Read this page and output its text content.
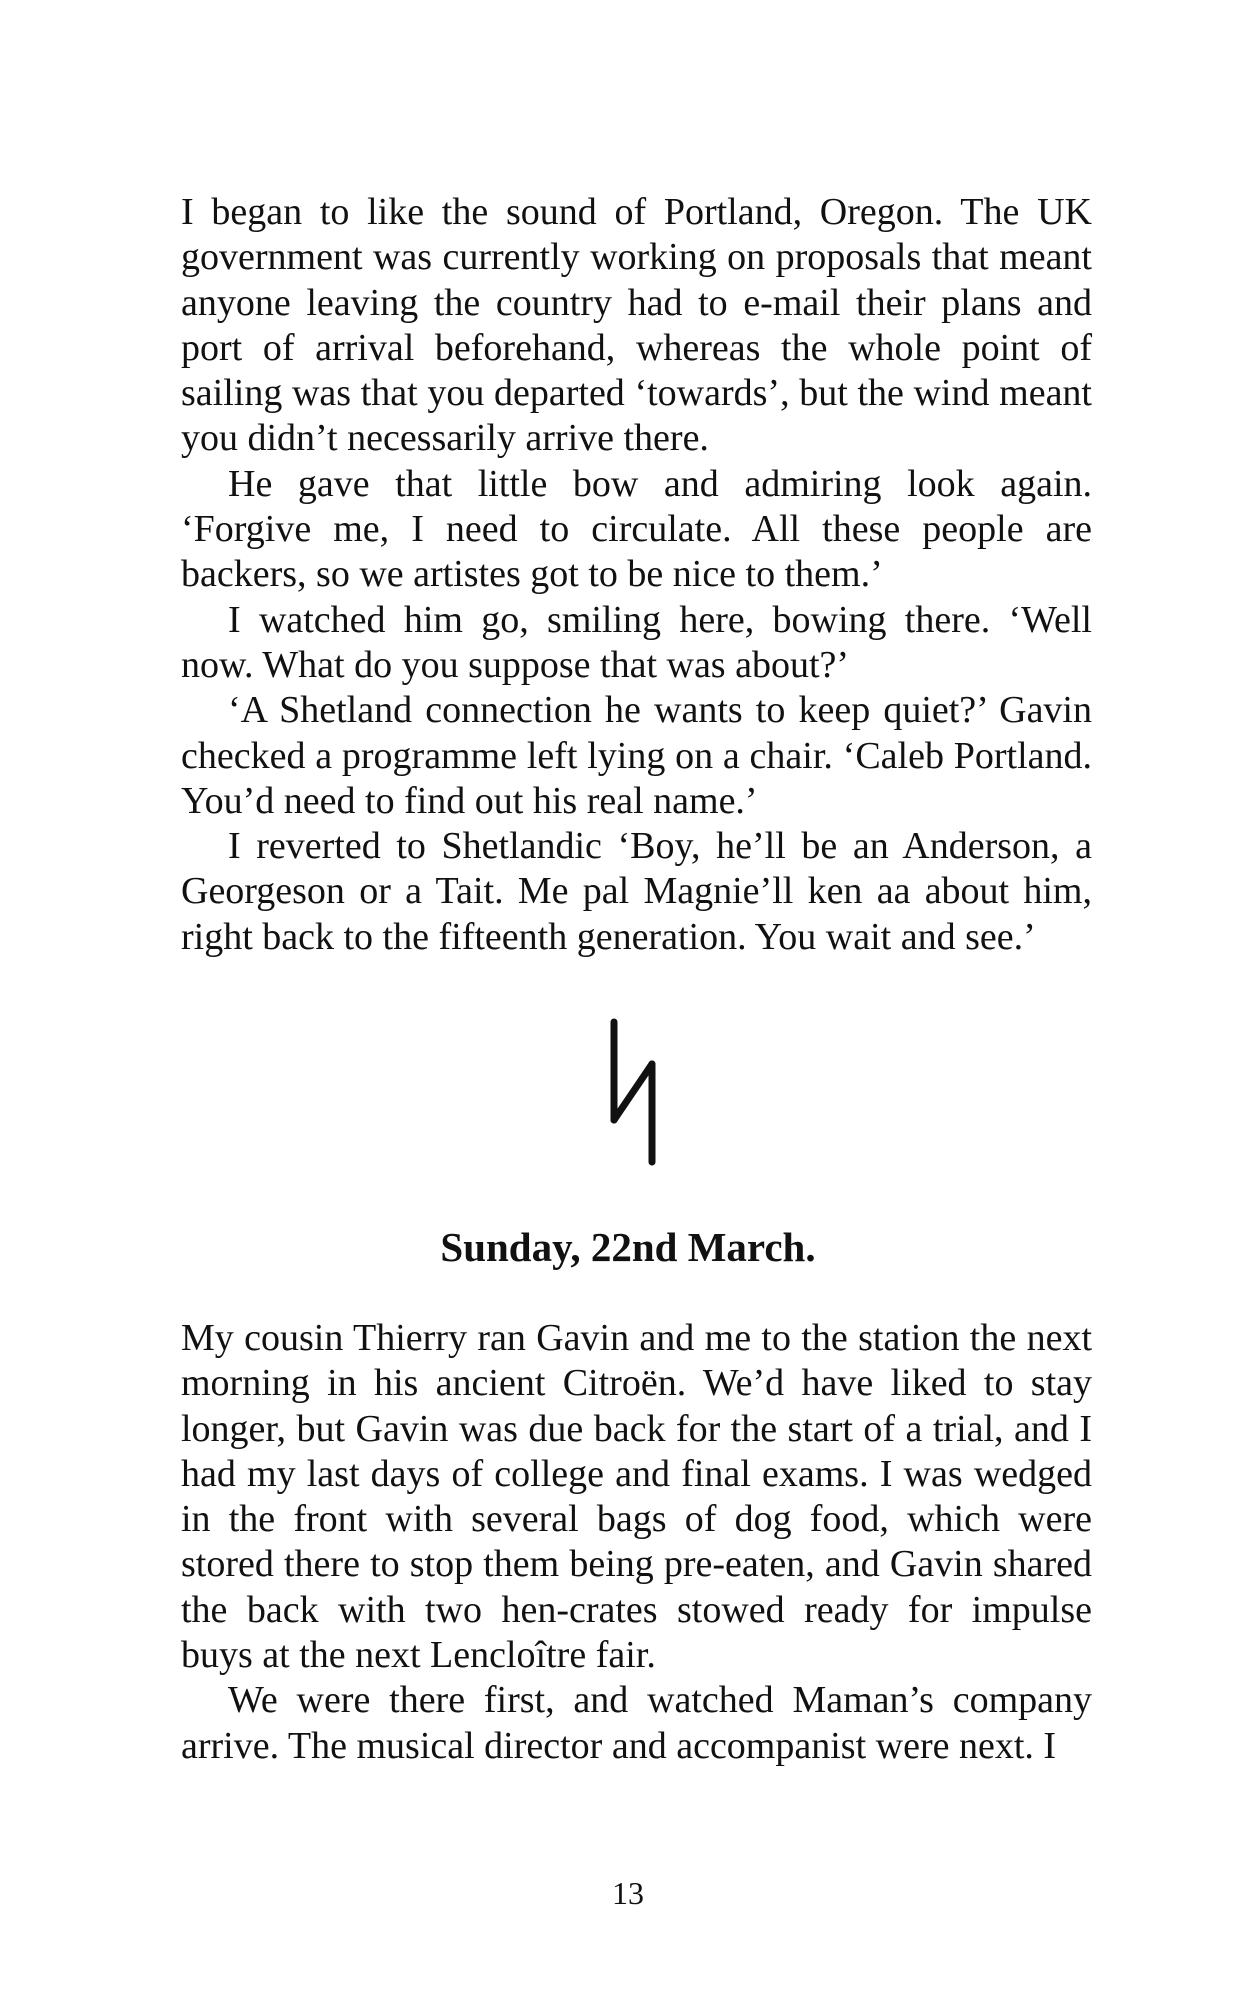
I began to like the sound of Portland, Oregon. The UK government was currently working on proposals that meant anyone leaving the country had to e-mail their plans and port of arrival beforehand, whereas the whole point of sailing was that you departed ‘towards’, but the wind meant you didn’t necessarily arrive there.

He gave that little bow and admiring look again. ‘Forgive me, I need to circulate. All these people are backers, so we artistes got to be nice to them.’

I watched him go, smiling here, bowing there. ‘Well now. What do you suppose that was about?’

‘A Shetland connection he wants to keep quiet?’ Gavin checked a programme left lying on a chair. ‘Caleb Portland. You’d need to find out his real name.’

I reverted to Shetlandic ‘Boy, he’ll be an Anderson, a Georgeson or a Tait. Me pal Magnie’ll ken aa about him, right back to the fifteenth generation. You wait and see.’

Sunday, 22nd March.

My cousin Thierry ran Gavin and me to the station the next morning in his ancient Citroën. We’d have liked to stay longer, but Gavin was due back for the start of a trial, and I had my last days of college and final exams. I was wedged in the front with several bags of dog food, which were stored there to stop them being pre-eaten, and Gavin shared the back with two hen-crates stowed ready for impulse buys at the next Lencloître fair.

We were there first, and watched Maman’s company arrive. The musical director and accompanist were next. I

13
